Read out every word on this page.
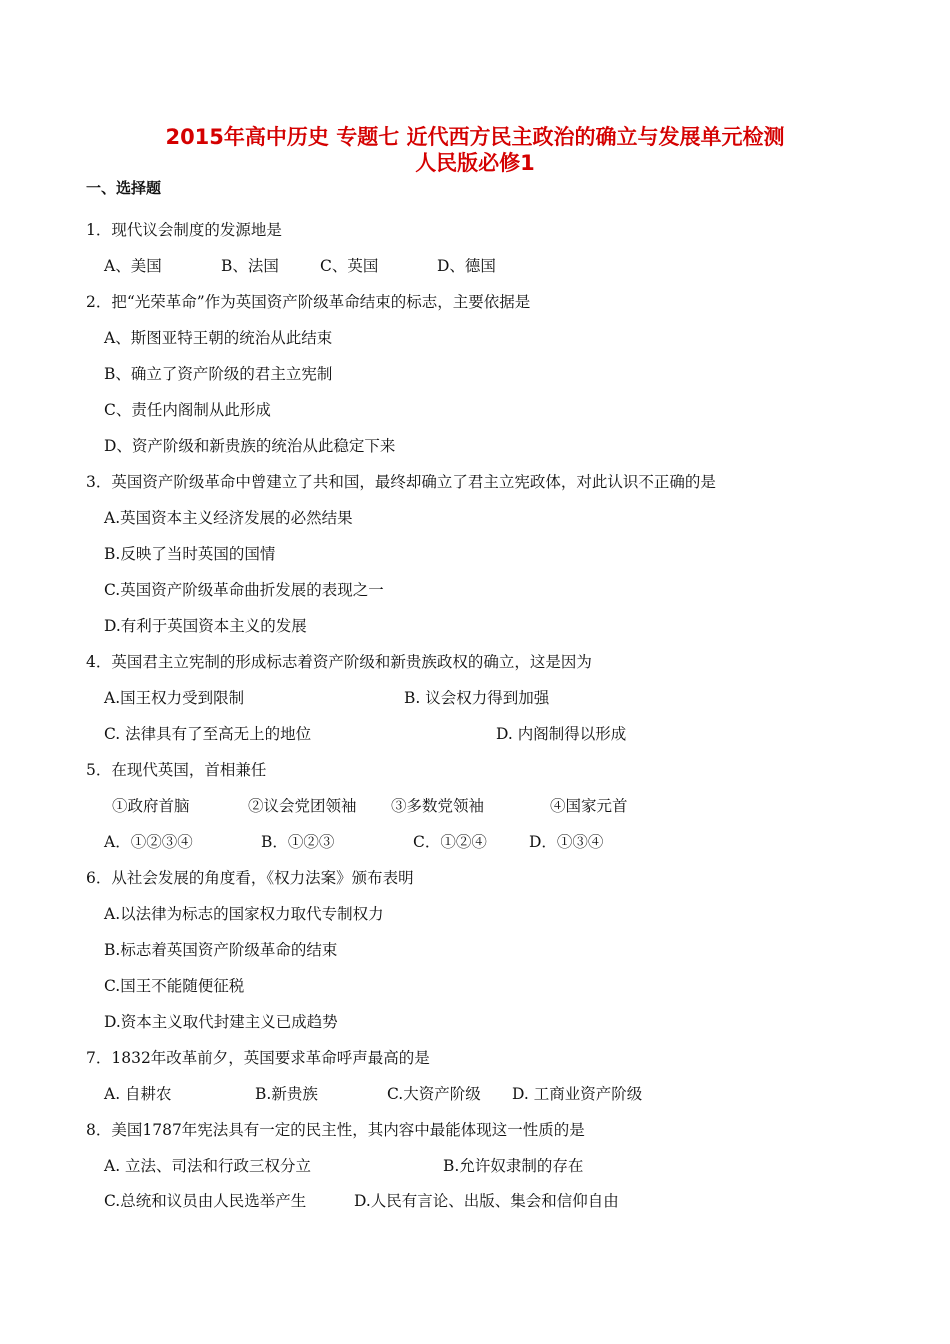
2015年高中历史 专题七 近代西方民主政治的确立与发展单元检测
人民版必修1
一、选择题
1．现代议会制度的发源地是
A、美国	B、法国	C、英国	D、德国
2．把“光荣革命”作为英国资产阶级革命结束的标志，主要依据是
A、斯图亚特王朝的统治从此结束
B、确立了资产阶级的君主立宪制
C、责任内阁制从此形成
D、资产阶级和新贵族的统治从此稳定下来
3．英国资产阶级革命中曾建立了共和国，最终却确立了君主立宪政体，对此认识不正确的是
A.英国资本主义经济发展的必然结果
B.反映了当时英国的国情
C.英国资产阶级革命曲折发展的表现之一
D.有利于英国资本主义的发展
4．英国君主立宪制的形成标志着资产阶级和新贵族政权的确立，这是因为
A.国王权力受到限制	B. 议会权力得到加强
C. 法律具有了至高无上的地位	D. 内阁制得以形成
5．在现代英国，首相兼任
①政府首脑	②议会党团领袖 ③多数党领袖	④国家元首
A．①②③④	B．①②③	C．①②④	D．①③④
6．从社会发展的角度看，《权力法案》颁布表明
A.以法律为标志的国家权力取代专制权力
B.标志着英国资产阶级革命的结束
C.国王不能随便征税
D.资本主义取代封建主义已成趋势
7．1832年改革前夕，英国要求革命呼声最高的是
A. 自耕农	B.新贵族	C.大资产阶级 D. 工商业资产阶级
8．美国1787年宪法具有一定的民主性，其内容中最能体现这一性质的是
A. 立法、司法和行政三权分立	B.允许奴隶制的存在
C.总统和议员由人民选举产生	D.人民有言论、出版、集会和信仰自由
